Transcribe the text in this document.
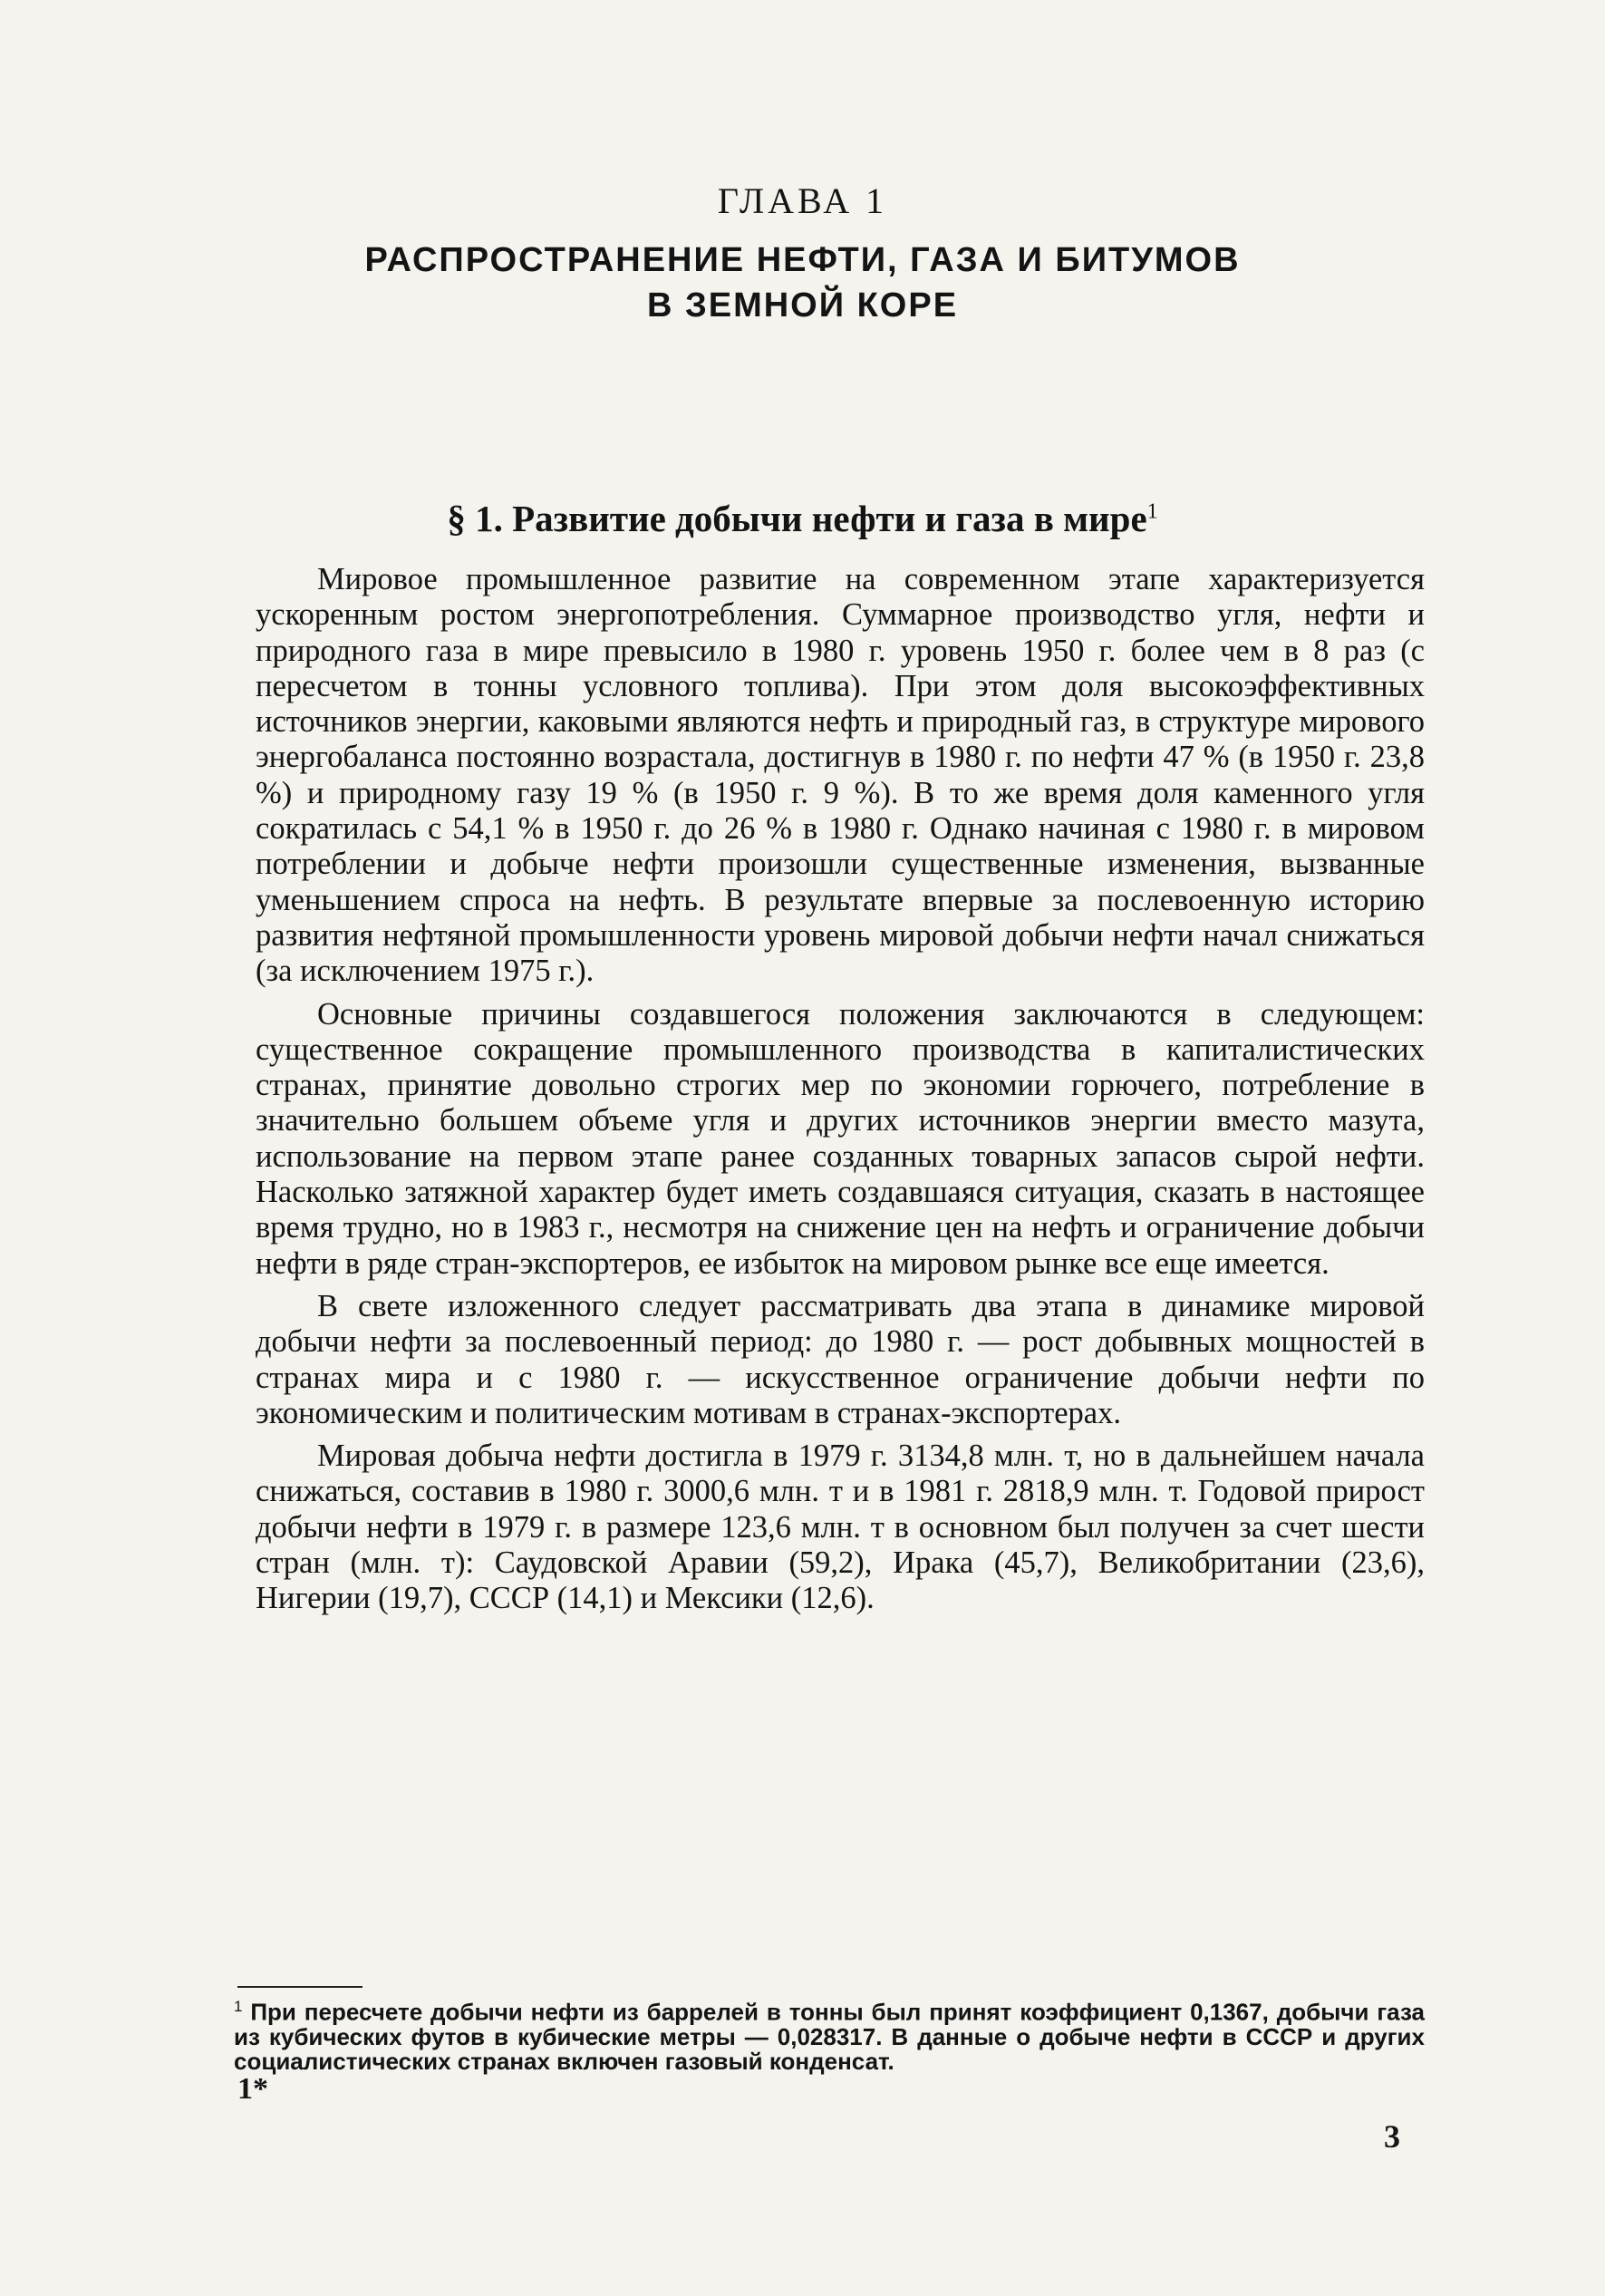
ГЛАВА 1
РАСПРОСТРАНЕНИЕ НЕФТИ, ГАЗА И БИТУМОВ
В ЗЕМНОЙ КОРЕ
§ 1. Развитие добычи нефти и газа в мире$^1$

Мировое промышленное развитие на современном этапе характеризуется ускоренным ростом энергопотребления. Суммарное производство угля, нефти и природного газа в мире превысило в 1980 г. уровень 1950 г. более чем в 8 раз (с пересчетом в тонны условного топлива). При этом доля высокоэффективных источников энергии, каковыми являются нефть и природный газ, в структуре мирового энергобаланса постоянно возрастала, достигнув в 1980 г. по нефти 47 % (в 1950 г. 23,8 %) и природному газу 19 % (в 1950 г. 9 %). В то же время доля каменного угля сократилась с 54,1 % в 1950 г. до 26 % в 1980 г. Однако начиная с 1980 г. в мировом потреблении и добыче нефти произошли существенные изменения, вызванные уменьшением спроса на нефть. В результате впервые за послевоенную историю развития нефтяной промышленности уровень мировой добычи нефти начал снижаться (за исключением 1975 г.).

Основные причины создавшегося положения заключаются в следующем: существенное сокращение промышленного производства в капиталистических странах, принятие довольно строгих мер по экономии горючего, потребление в значительно большем объеме угля и других источников энергии вместо мазута, использование на первом этапе ранее созданных товарных запасов сырой нефти. Насколько затяжной характер будет иметь создавшаяся ситуация, сказать в настоящее время трудно, но в 1983 г., несмотря на снижение цен на нефть и ограничение добычи нефти в ряде стран-экспортеров, ее избыток на мировом рынке все еще имеется.

В свете изложенного следует рассматривать два этапа в динамике мировой добычи нефти за послевоенный период: до 1980 г. — рост добывных мощностей в странах мира и с 1980 г. — искусственное ограничение добычи нефти по экономическим и политическим мотивам в странах-экспортерах.

Мировая добыча нефти достигла в 1979 г. 3134,8 млн. т, но в дальнейшем начала снижаться, составив в 1980 г. 3000,6 млн. т и в 1981 г. 2818,9 млн. т. Годовой прирост добычи нефти в 1979 г. в размере 123,6 млн. т в основном был получен за счет шести стран (млн. т): Саудовской Аравии (59,2), Ирака (45,7), Великобритании (23,6), Нигерии (19,7), СССР (14,1) и Мексики (12,6).

$^1$ При пересчете добычи нефти из баррелей в тонны был принят коэффициент 0,1367, добычи газа из кубических футов в кубические метры — 0,028317. В данные о добыче нефти в СССР и других социалистических странах включен газовый конденсат.
1*
3
